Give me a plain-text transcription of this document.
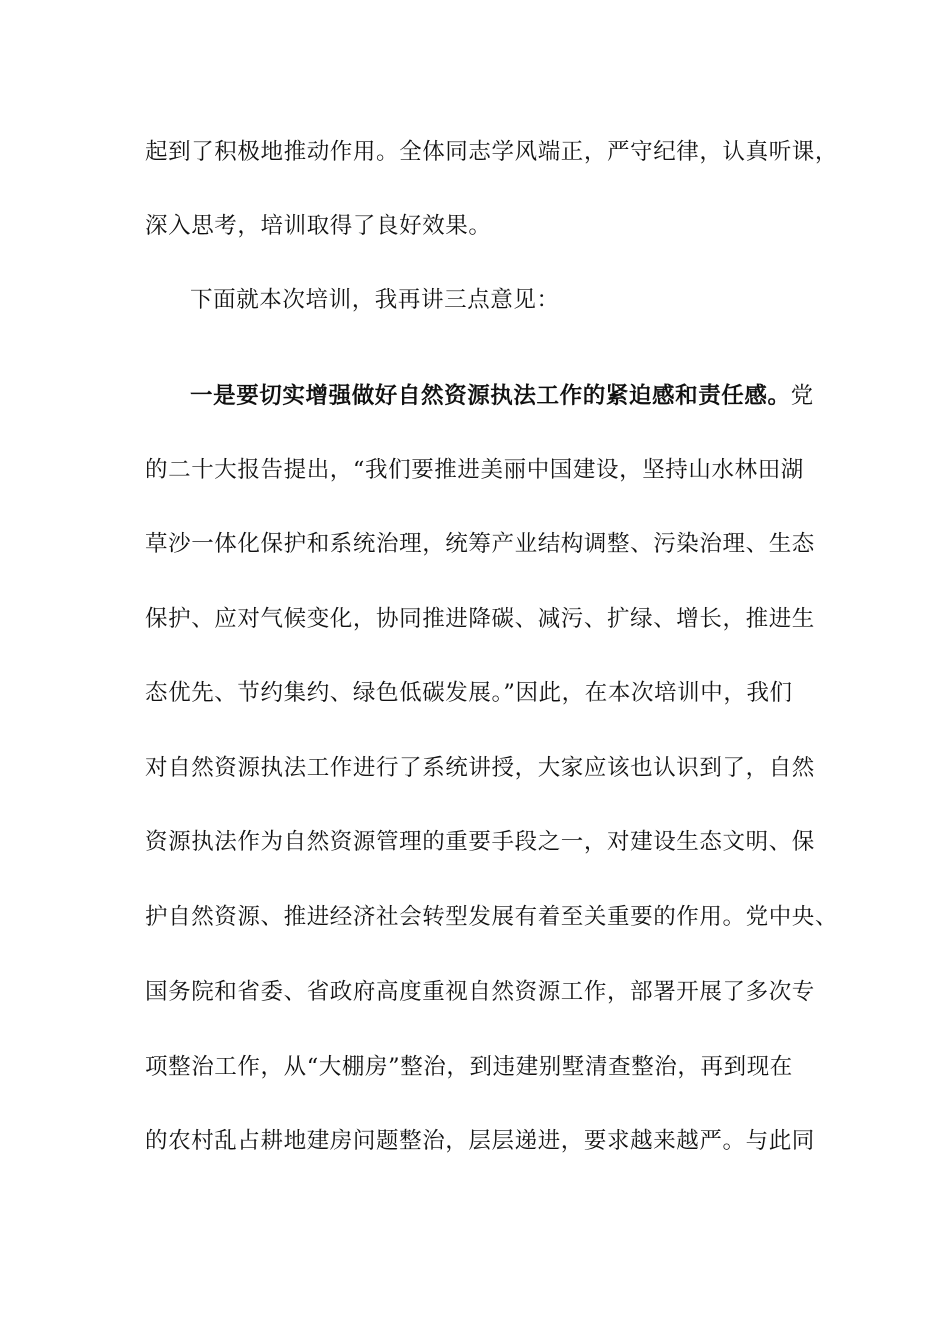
起到了积极地推动作用。全体同志学风端正，严守纪律，认真听课，
深入思考，培训取得了良好效果。
下面就本次培训，我再讲三点意见：
一是要切实增强做好自然资源执法工作的紧迫感和责任感。党
的二十大报告提出，“我们要推进美丽中国建设，坚持山水林田湖
草沙一体化保护和系统治理，统筹产业结构调整、污染治理、生态
保护、应对气候变化，协同推进降碳、减污、扩绿、增长，推进生
态优先、节约集约、绿色低碳发展。”因此，在本次培训中，我们
对自然资源执法工作进行了系统讲授，大家应该也认识到了，自然
资源执法作为自然资源管理的重要手段之一，对建设生态文明、保
护自然资源、推进经济社会转型发展有着至关重要的作用。党中央、
国务院和省委、省政府高度重视自然资源工作，部署开展了多次专
项整治工作，从“大棚房”整治，到违建别墅清查整治，再到现在
的农村乱占耕地建房问题整治，层层递进，要求越来越严。与此同
